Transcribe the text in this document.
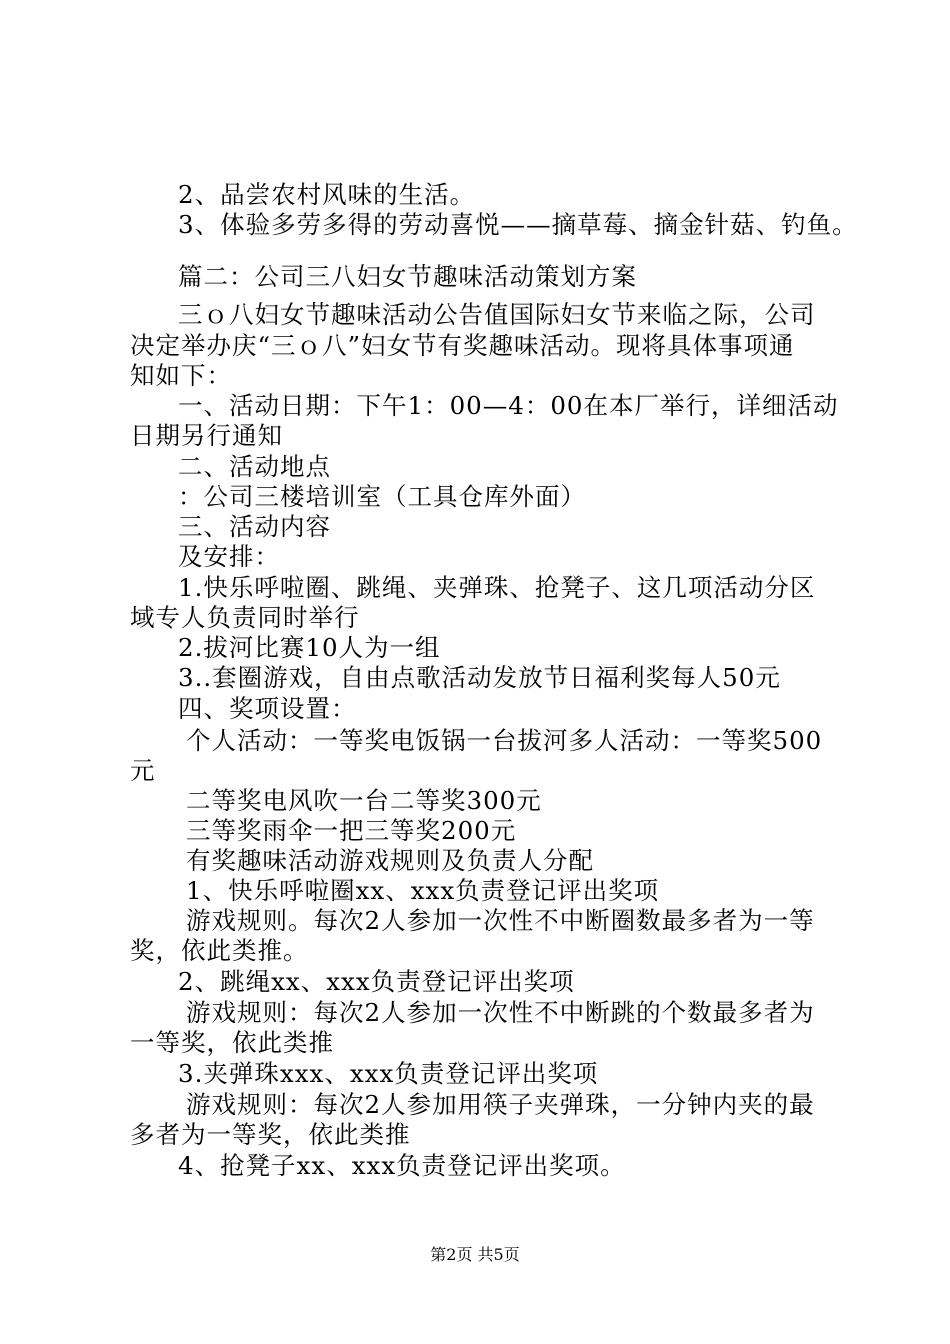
2、品尝农村风味的生活。
3、体验多劳多得的劳动喜悦——摘草莓、摘金针菇、钓鱼。
篇二：公司三八妇女节趣味活动策划方案
三ｏ八妇女节趣味活动公告值国际妇女节来临之际，公司
决定举办庆“三ｏ八”妇女节有奖趣味活动。现将具体事项通
知如下：
一、活动日期：下午1：00—4：00在本厂举行，详细活动
日期另行通知
二、活动地点
：公司三楼培训室（工具仓库外面）
三、活动内容
及安排：
1.快乐呼啦圈、跳绳、夹弹珠、抢凳子、这几项活动分区
域专人负责同时举行
2.拔河比赛10人为一组
3..套圈游戏，自由点歌活动发放节日福利奖每人50元
四、奖项设置：
个人活动：一等奖电饭锅一台拔河多人活动：一等奖500
元
二等奖电风吹一台二等奖300元
三等奖雨伞一把三等奖200元
有奖趣味活动游戏规则及负责人分配
1、快乐呼啦圈xx、xxx负责登记评出奖项
游戏规则。每次2人参加一次性不中断圈数最多者为一等
奖，依此类推。
2、跳绳xx、xxx负责登记评出奖项
游戏规则：每次2人参加一次性不中断跳的个数最多者为
一等奖，依此类推
3.夹弹珠xxx、xxx负责登记评出奖项
游戏规则：每次2人参加用筷子夹弹珠，一分钟内夹的最
多者为一等奖，依此类推
4、抢凳子xx、xxx负责登记评出奖项。
第2页 共5页
